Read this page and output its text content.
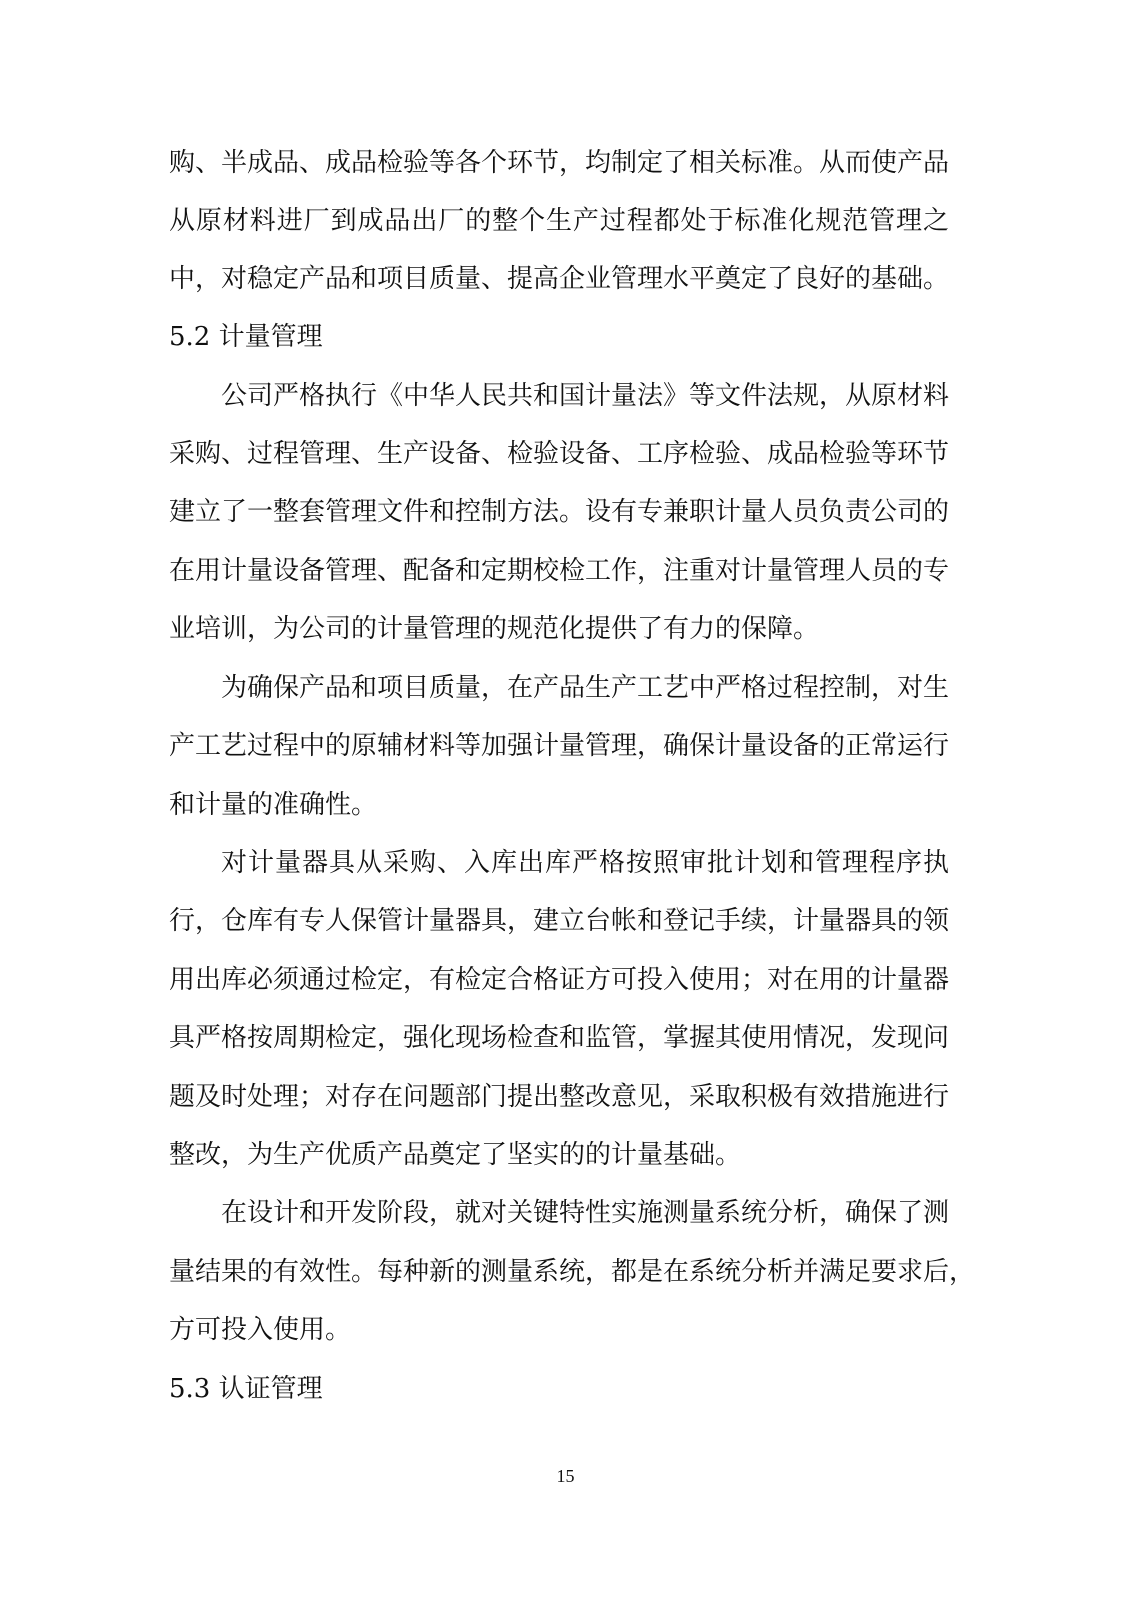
购、半成品、成品检验等各个环节，均制定了相关标准。从而使产品
从原材料进厂到成品出厂的整个生产过程都处于标准化规范管理之
中，对稳定产品和项目质量、提高企业管理水平奠定了良好的基础。
5.2 计量管理
公司严格执行《中华人民共和国计量法》等文件法规，从原材料
采购、过程管理、生产设备、检验设备、工序检验、成品检验等环节
建立了一整套管理文件和控制方法。设有专兼职计量人员负责公司的
在用计量设备管理、配备和定期校检工作，注重对计量管理人员的专
业培训，为公司的计量管理的规范化提供了有力的保障。
为确保产品和项目质量，在产品生产工艺中严格过程控制，对生
产工艺过程中的原辅材料等加强计量管理，确保计量设备的正常运行
和计量的准确性。
对计量器具从采购、入库出库严格按照审批计划和管理程序执
行，仓库有专人保管计量器具，建立台帐和登记手续，计量器具的领
用出库必须通过检定，有检定合格证方可投入使用；对在用的计量器
具严格按周期检定，强化现场检查和监管，掌握其使用情况，发现问
题及时处理；对存在问题部门提出整改意见，采取积极有效措施进行
整改，为生产优质产品奠定了坚实的的计量基础。
在设计和开发阶段，就对关键特性实施测量系统分析，确保了测
量结果的有效性。每种新的测量系统，都是在系统分析并满足要求后，
方可投入使用。
5.3 认证管理
15
